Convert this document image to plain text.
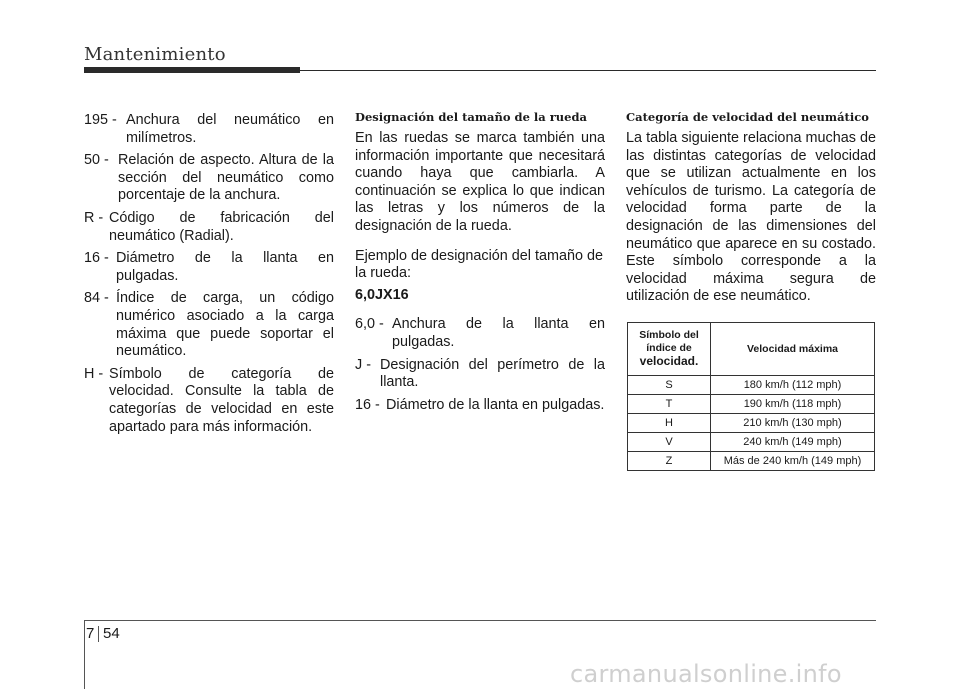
Mantenimiento
195 - Anchura del neumático en milímetros.
50 - Relación de aspecto. Altura de la sección del neumático como porcentaje de la anchura.
R - Código de fabricación del neumático (Radial).
16 - Diámetro de la llanta en pulgadas.
84 - Índice de carga, un código numérico asociado a la carga máxima que puede soportar el neumático.
H - Símbolo de categoría de velocidad. Consulte la tabla de categorías de velocidad en este apartado para más información.
Designación del tamaño de la rueda

En las ruedas se marca también una información importante que necesitará cuando haya que cambiarla. A continuación se explica lo que indican las letras y los números de la designación de la rueda.

Ejemplo de designación del tamaño de la rueda:

6,0JX16

6,0 - Anchura de la llanta en pulgadas.
J - Designación del perímetro de la llanta.
16 - Diámetro de la llanta en pulgadas.
Categoría de velocidad del neumático

La tabla siguiente relaciona muchas de las distintas categorías de velocidad que se utilizan actualmente en los vehículos de turismo. La categoría de velocidad forma parte de la designación de las dimensiones del neumático que aparece en su costado. Este símbolo corresponde a la velocidad máxima segura de utilización de ese neumático.

Símbolo del
índice de
velocidad.	Velocidad máxima
S	180 km/h (112 mph)
T	190 km/h (118 mph)
H	210 km/h (130 mph)
V	240 km/h (149 mph)
Z	Más de 240 km/h (149 mph)
7 54
carmanualsonline.info
